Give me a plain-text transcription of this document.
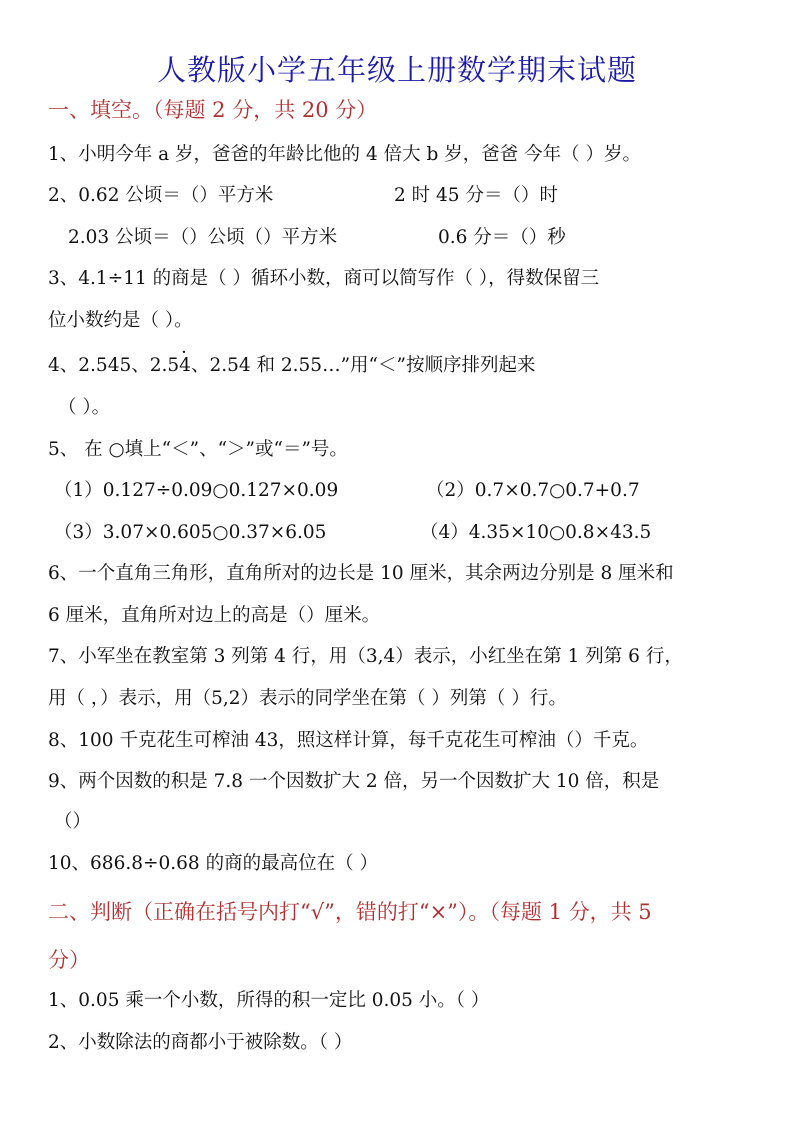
人教版小学五年级上册数学期末试题
一、填空。（每题 2 分，共 20 分）
1、小明今年 a 岁，爸爸的年龄比他的 4 倍大 b 岁，爸爸 今年（ ）岁。
2、0.62 公顷＝（）平方米	2 时 45 分＝（）时
2.03 公顷＝（）公顷（）平方米	0.6 分＝（）秒
3、4.1÷11 的商是（ ）循环小数，商可以简写作（ ），得数保留三
位小数约是（ ）。
4、2.545、2.5· 4、2.54 和 2.55…”用“＜”按顺序排列起来
（ ）。
5、 在 ○填上“＜”、“＞”或“＝”号。
（1）0.127÷0.09○0.127×0.09	（2）0.7×0.7○0.7+0.7
（3）3.07×0.605○0.37×6.05	（4）4.35×10○0.8×43.5
6、一个直角三角形，直角所对的边长是 10 厘米，其余两边分别是 8 厘米和
6 厘米，直角所对边上的高是（）厘米。
7、小军坐在教室第 3 列第 4 行，用（3,4）表示，小红坐在第 1 列第 6 行，
用（ ，）表示，用（5,2）表示的同学坐在第（ ）列第（ ）行。
8、100 千克花生可榨油 43，照这样计算，每千克花生可榨油（）千克。
9、两个因数的积是 7.8 一个因数扩大 2 倍，另一个因数扩大 10 倍，积是
（）
10、686.8÷0.68 的商的最高位在（ ）
二、判断（正确在括号内打“√”，错的打“×”）。（每题 1 分，共 5
分）
1、0.05 乘一个小数，所得的积一定比 0.05 小。（ ）
2、小数除法的商都小于被除数。（ ）
